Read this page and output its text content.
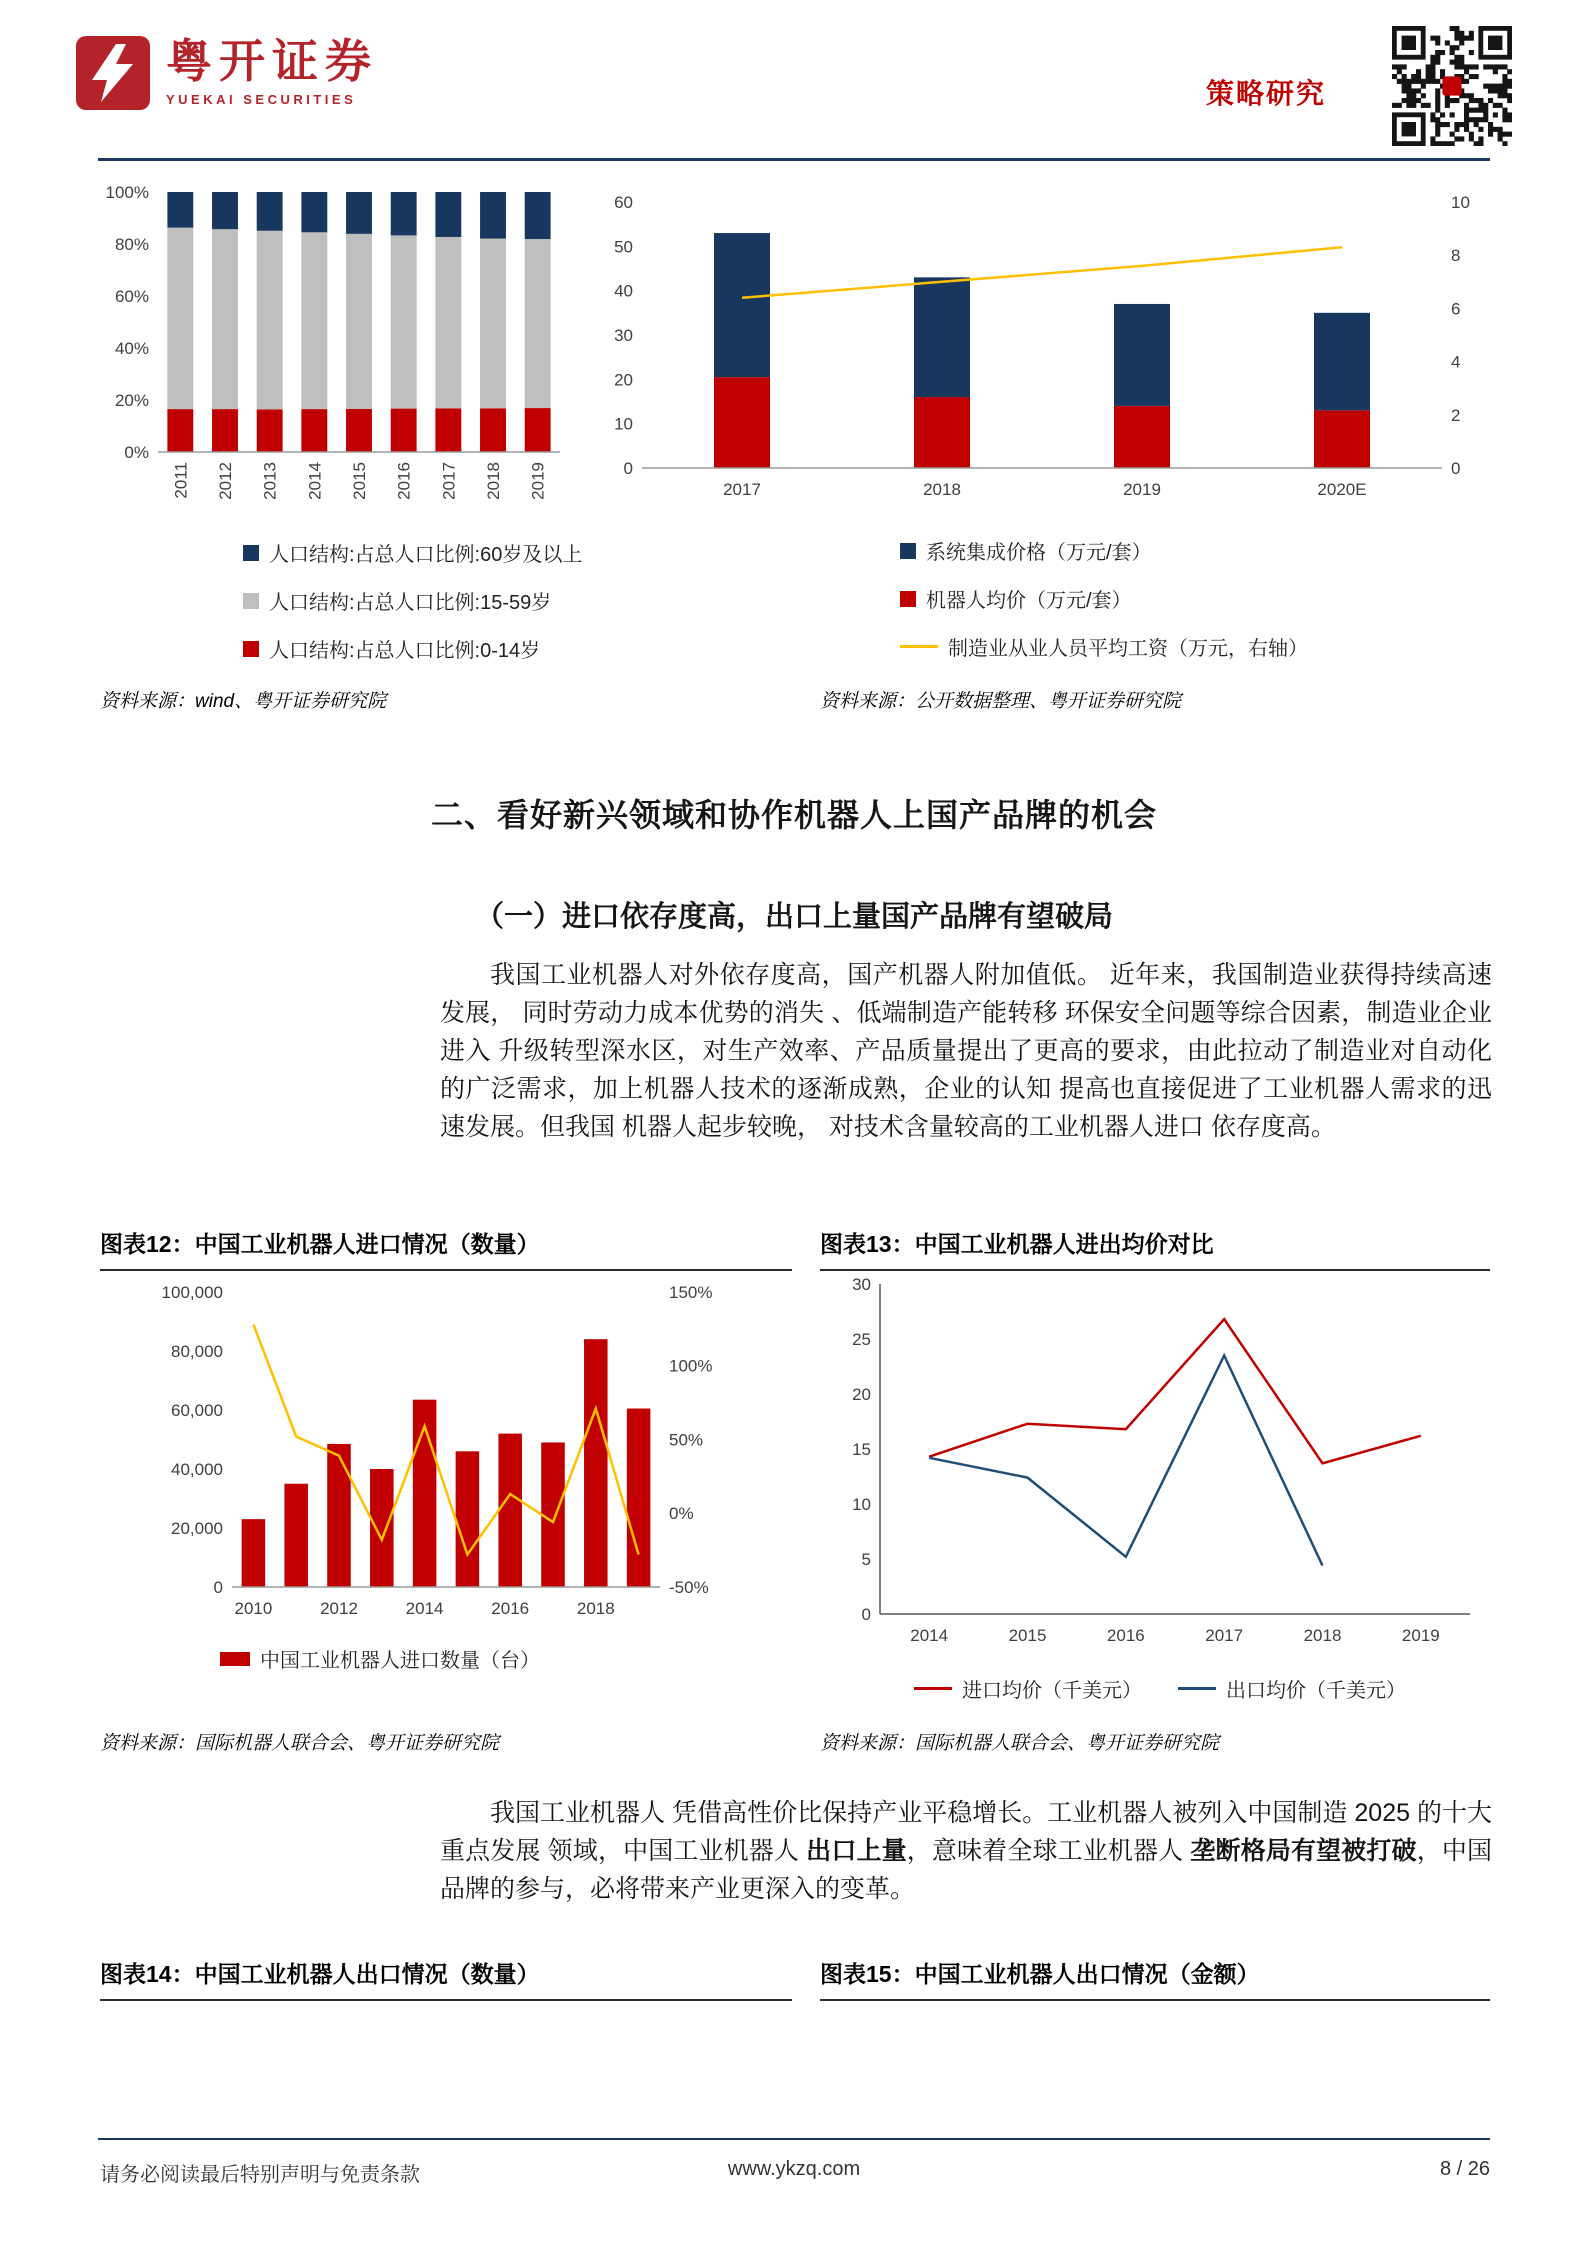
粤开证券
YUEKAI SECURITIES	策略研究
0%
20%
40%
60%
80%
100%
2011 2012 2013 2014 2015 2016 2017 2018 2019
人口结构:占总人口比例:60岁及以上
人口结构:占总人口比例:15-59岁
人口结构:占总人口比例:0-14岁
0
10
20
30
40
50
60
0
2
4
6
8
10
2017	2018	2019	2020E
系统集成价格（万元/套）
机器人均价（万元/套）
制造业从业人员平均工资（万元，右轴）
资料来源：wind、粤开证券研究院	资料来源：公开数据整理、粤开证券研究院
二、看好新兴领域和协作机器人上国产品牌的机会
（一）进口依存度高，出口上量国产品牌有望破局
我国工业机器人对外依存度高，国产机器人附加值低。 近年来，我国制造业获得持续高速发展， 同时劳动力成本优势的消失 、低端制造产能转移 环保安全问题等综合因素，制造业企业进入 升级转型深水区，对生产效率、产品质量提出了更高的要求，由此拉动了制造业对自动化的广泛需求，加上机器人技术的逐渐成熟，企业的认知 提高也直接促进了工业机器人需求的迅速发展。但我国 机器人起步较晚， 对技术含量较高的工业机器人进口 依存度高。
图表12：中国工业机器人进口情况（数量）	图表13：中国工业机器人进出均价对比
0
20,000
40,000
60,000
80,000
100,000
-50%
0%
50%
100%
150%
2010	2012	2014	2016	2018
中国工业机器人进口数量（台）
0
5
10
15
20
25
30
2014	2015	2016	2017	2018	2019
进口均价（千美元）	出口均价（千美元）
资料来源：国际机器人联合会、粤开证券研究院	资料来源：国际机器人联合会、粤开证券研究院
我国工业机器人 凭借高性价比保持产业平稳增长。工业机器人被列入中国制造 2025 的十大重点发展 领域，中国工业机器人 出口上量，意味着全球工业机器人 垄断格局有望被打破，中国品牌的参与，必将带来产业更深入的变革。
图表14：中国工业机器人出口情况（数量）	图表15：中国工业机器人出口情况（金额）
请务必阅读最后特别声明与免责条款	www.ykzq.com	8 / 26
